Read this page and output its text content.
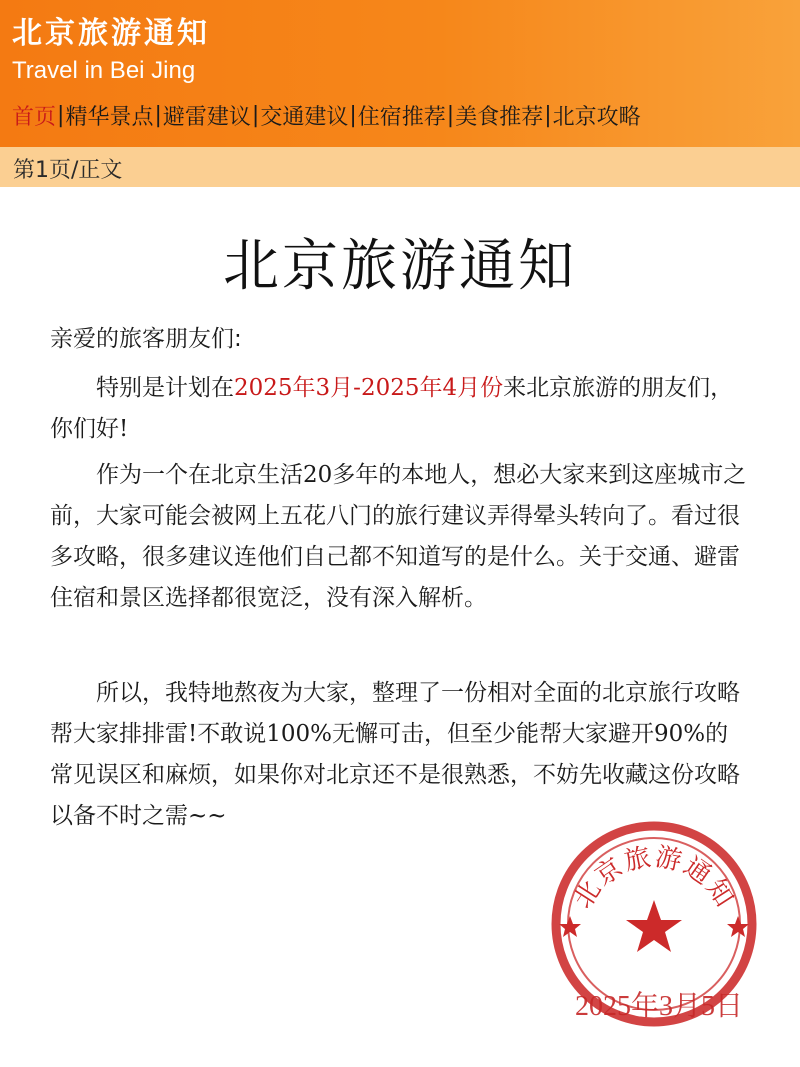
北京旅游通知
Travel in Bei Jing
首页 | 精华景点 | 避雷建议 | 交通建议 | 住宿推荐 | 美食推荐 | 北京攻略
第1页/正文
北京旅游通知
亲爱的旅客朋友们:
特别是计划在2025年3月-2025年4月份来北京旅游的朋友们，你们好!
作为一个在北京生活20多年的本地人，想必大家来到这座城市之前，大家可能会被网上五花八门的旅行建议弄得晕头转向了。看过很多攻略，很多建议连他们自己都不知道写的是什么。关于交通、避雷住宿和景区选择都很宽泛，没有深入解析。
所以，我特地熬夜为大家，整理了一份相对全面的北京旅行攻略帮大家排排雷!不敢说100%无懈可击，但至少能帮大家避开90%的常见误区和麻烦，如果你对北京还不是很熟悉，不妨先收藏这份攻略以备不时之需~~
北京旅游通知
2025年3月5日
